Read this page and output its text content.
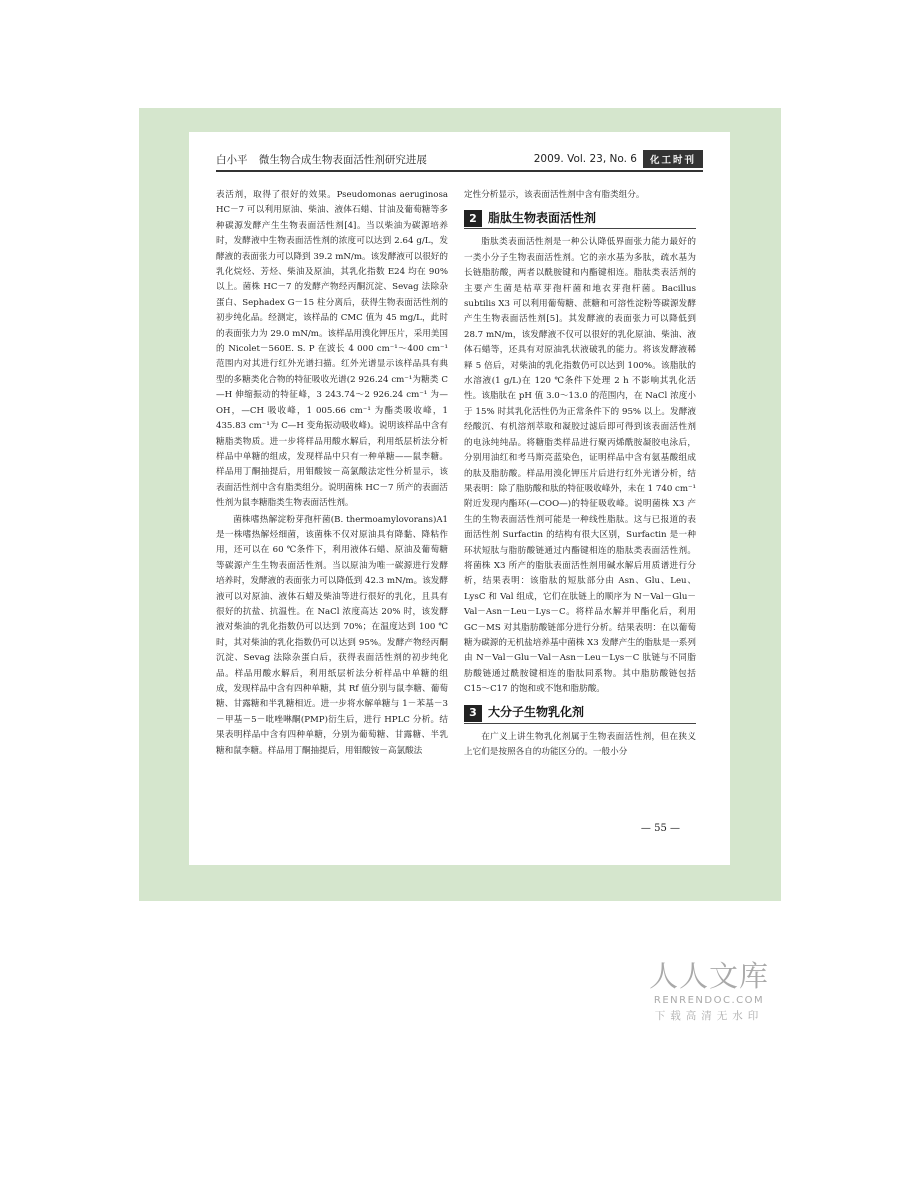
白小平 微生物合成生物表面活性剂研究进展	2009. Vol. 23, No. 6	化工时刊

表活剂，取得了很好的效果。Pseudomonas aeruginosa HC－7 可以利用原油、柴油、液体石蜡、甘油及葡萄糖等多种碳源发酵产生生物表面活性剂[4]。当以柴油为碳源培养时，发酵液中生物表面活性剂的浓度可以达到 2.64 g/L，发酵液的表面张力可以降到 39.2 mN/m。该发酵液可以很好的乳化烷烃、芳烃、柴油及原油，其乳化指数 E24 均在 90% 以上。菌株 HC－7 的发酵产物经丙酮沉淀、Sevag 法除杂蛋白、Sephadex G－15 柱分离后，获得生物表面活性剂的初步纯化品。经测定，该样品的 CMC 值为 45 mg/L，此时的表面张力为 29.0 mN/m。该样品用溴化钾压片，采用美国的 Nicolet－560E. S. P 在波长 4 000 cm⁻¹～400 cm⁻¹范围内对其进行红外光谱扫描。红外光谱显示该样品具有典型的多糖类化合物的特征吸收光谱(2 926.24 cm⁻¹为糖类 C—H 伸缩振动的特征峰，3 243.74～2 926.24 cm⁻¹ 为—OH，—CH 吸收峰，1 005.66 cm⁻¹ 为酯类吸收峰，1 435.83 cm⁻¹为 C—H 变角振动吸收峰)。说明该样品中含有糖脂类物质。进一步将样品用酸水解后，利用纸层析法分析样品中单糖的组成，发现样品中只有一种单糖——鼠李糖。样品用丁酮抽提后，用钼酸铵－高氯酸法定性分析显示，该表面活性剂中含有脂类组分。说明菌株 HC－7 所产的表面活性剂为鼠李糖脂类生物表面活性剂。

菌株嗜热解淀粉芽孢杆菌(B. thermoamylovorans)A1 是一株嗜热解烃细菌，该菌株不仅对原油具有降黏、降粘作用，还可以在 60 ℃条件下，利用液体石蜡、原油及葡萄糖等碳源产生生物表面活性剂。当以原油为唯一碳源进行发酵培养时，发酵液的表面张力可以降低到 42.3 mN/m。该发酵液可以对原油、液体石蜡及柴油等进行很好的乳化，且具有很好的抗盐、抗温性。在 NaCl 浓度高达 20% 时，该发酵液对柴油的乳化指数仍可以达到 70%；在温度达到 100 ℃时，其对柴油的乳化指数仍可以达到 95%。发酵产物经丙酮沉淀、Sevag 法除杂蛋白后，获得表面活性剂的初步纯化品。样品用酸水解后，利用纸层析法分析样品中单糖的组成，发现样品中含有四种单糖，其 Rf 值分别与鼠李糖、葡萄糖、甘露糖和半乳糖相近。进一步将水解单糖与 1－苯基－3－甲基－5－吡唑啉酮(PMP)衍生后，进行 HPLC 分析。结果表明样品中含有四种单糖，分别为葡萄糖、甘露糖、半乳糖和鼠李糖。样品用丁酮抽提后，用钼酸铵－高氯酸法

定性分析显示，该表面活性剂中含有脂类组分。

2 脂肽生物表面活性剂

脂肽类表面活性剂是一种公认降低界面张力能力最好的一类小分子生物表面活性剂。它的亲水基为多肽，疏水基为长链脂肪酸，两者以酰胺键和内酯键相连。脂肽类表活剂的主要产生菌是枯草芽孢杆菌和地衣芽孢杆菌。Bacillus subtilis X3 可以利用葡萄糖、蔗糖和可溶性淀粉等碳源发酵产生生物表面活性剂[5]。其发酵液的表面张力可以降低到 28.7 mN/m，该发酵液不仅可以很好的乳化原油、柴油、液体石蜡等，还具有对原油乳状液破乳的能力。将该发酵液稀释 5 倍后，对柴油的乳化指数仍可以达到 100%。该脂肽的水溶液(1 g/L)在 120 ℃条件下处理 2 h 不影响其乳化活性。该脂肽在 pH 值 3.0～13.0 的范围内，在 NaCl 浓度小于 15% 时其乳化活性仍为正常条件下的 95% 以上。发酵液经酸沉、有机溶剂萃取和凝胶过滤后即可得到该表面活性剂的电泳纯纯品。将糖脂类样品进行聚丙烯酰胺凝胶电泳后，分别用油红和考马斯亮蓝染色，证明样品中含有氨基酸组成的肽及脂肪酸。样品用溴化钾压片后进行红外光谱分析，结果表明：除了脂肪酸和肽的特征吸收峰外，未在 1 740 cm⁻¹附近发现内酯环(—COO—)的特征吸收峰。说明菌株 X3 产生的生物表面活性剂可能是一种线性脂肽。这与已报道的表面活性剂 Surfactin 的结构有很大区别，Surfactin 是一种环状短肽与脂肪酸链通过内酯键相连的脂肽类表面活性剂。将菌株 X3 所产的脂肽表面活性剂用碱水解后用质谱进行分析，结果表明：该脂肽的短肽部分由 Asn、Glu、Leu、LysC 和 Val 组成，它们在肽链上的顺序为 N－Val－Glu－Val－Asn－Leu－Lys－C。将样品水解并甲酯化后，利用 GC－MS 对其脂肪酸链部分进行分析。结果表明：在以葡萄糖为碳源的无机盐培养基中菌株 X3 发酵产生的脂肽是一系列由 N－Val－Glu－Val－Asn－Leu－Lys－C 肽链与不同脂肪酸链通过酰胺键相连的脂肽同系物。其中脂肪酸链包括 C15～C17 的饱和或不饱和脂肪酸。

3 大分子生物乳化剂

在广义上讲生物乳化剂属于生物表面活性剂，但在狭义上它们是按照各自的功能区分的。一般小分

— 55 —
人人文库
RENRENDOC.COM
下载高清无水印
